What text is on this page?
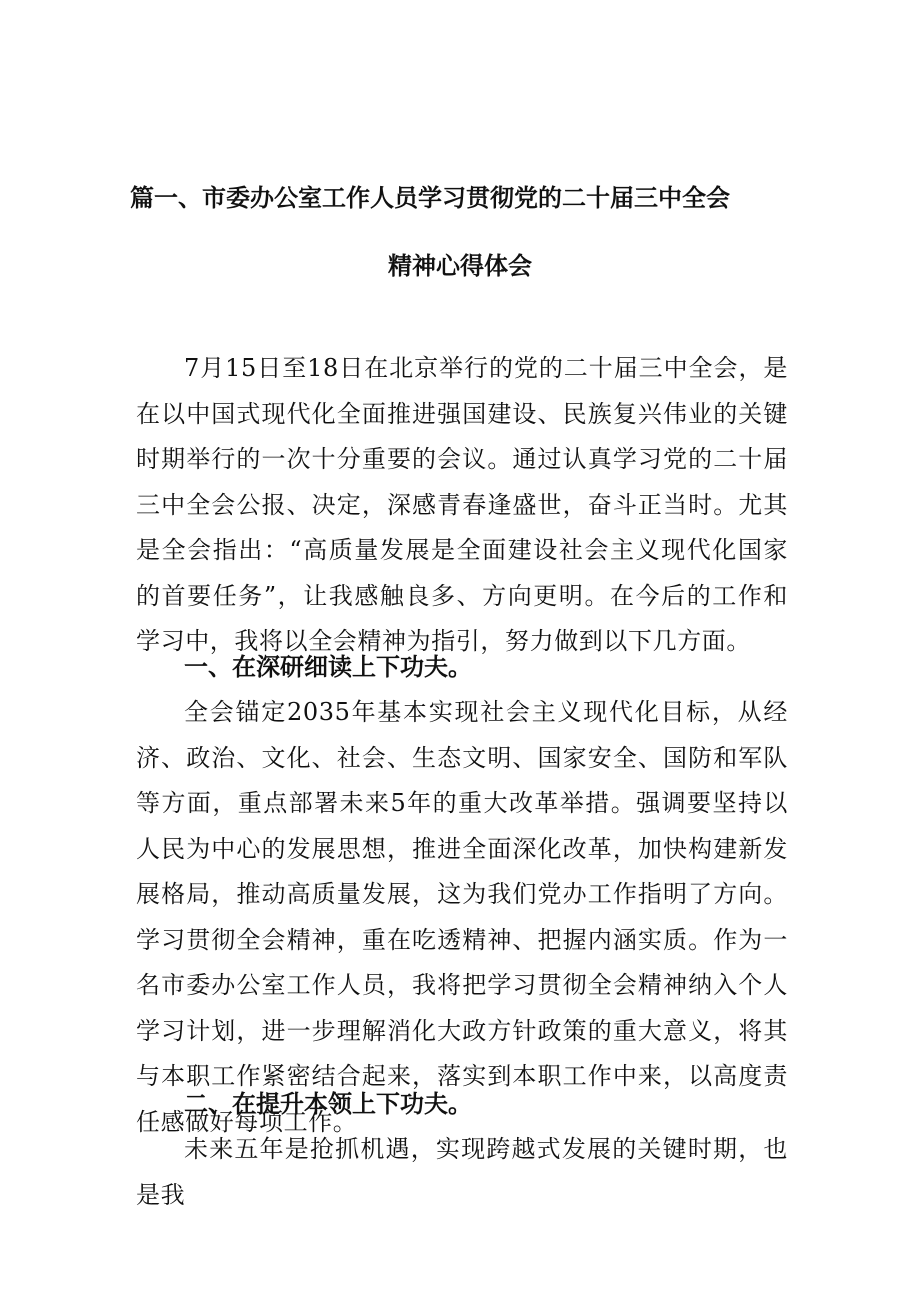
篇一、市委办公室工作人员学习贯彻党的二十届三中全会
精神心得体会

7月15日至18日在北京举行的党的二十届三中全会，是在以中国式现代化全面推进强国建设、民族复兴伟业的关键时期举行的一次十分重要的会议。通过认真学习党的二十届三中全会公报、决定，深感青春逢盛世，奋斗正当时。尤其是全会指出：“高质量发展是全面建设社会主义现代化国家的首要任务”，让我感触良多、方向更明。在今后的工作和学习中，我将以全会精神为指引，努力做到以下几方面。

一、在深研细读上下功夫。

全会锚定2035年基本实现社会主义现代化目标，从经济、政治、文化、社会、生态文明、国家安全、国防和军队等方面，重点部署未来5年的重大改革举措。强调要坚持以人民为中心的发展思想，推进全面深化改革，加快构建新发展格局，推动高质量发展，这为我们党办工作指明了方向。学习贯彻全会精神，重在吃透精神、把握内涵实质。作为一名市委办公室工作人员，我将把学习贯彻全会精神纳入个人学习计划，进一步理解消化大政方针政策的重大意义，将其与本职工作紧密结合起来，落实到本职工作中来，以高度责任感做好每项工作。

二、在提升本领上下功夫。

未来五年是抢抓机遇，实现跨越式发展的关键时期，也是我
